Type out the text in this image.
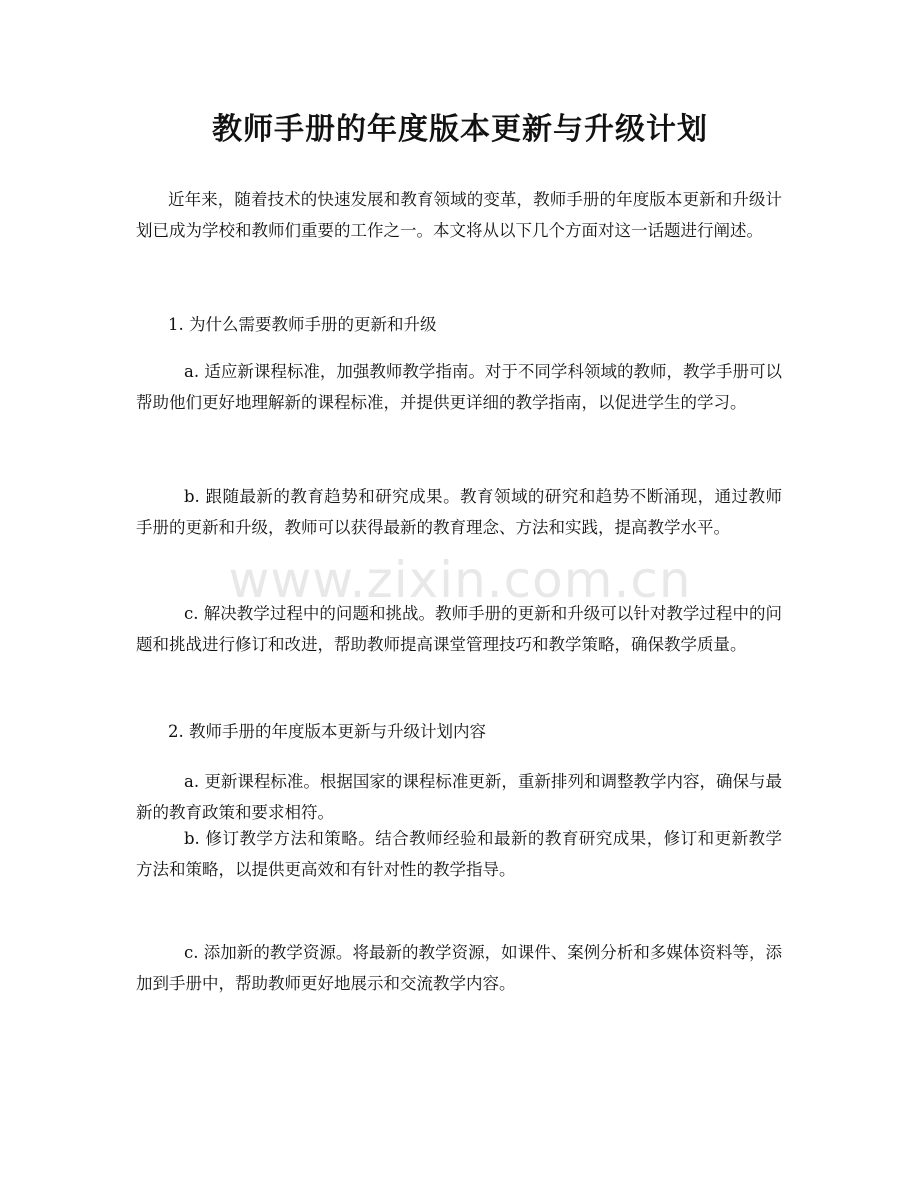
教师手册的年度版本更新与升级计划

近年来，随着技术的快速发展和教育领域的变革，教师手册的年度版本更新和升级计划已成为学校和教师们重要的工作之一。本文将从以下几个方面对这一话题进行阐述。

1. 为什么需要教师手册的更新和升级

a. 适应新课程标准，加强教师教学指南。对于不同学科领域的教师，教学手册可以帮助他们更好地理解新的课程标准，并提供更详细的教学指南，以促进学生的学习。

b. 跟随最新的教育趋势和研究成果。教育领域的研究和趋势不断涌现，通过教师手册的更新和升级，教师可以获得最新的教育理念、方法和实践，提高教学水平。

c. 解决教学过程中的问题和挑战。教师手册的更新和升级可以针对教学过程中的问题和挑战进行修订和改进，帮助教师提高课堂管理技巧和教学策略，确保教学质量。

2. 教师手册的年度版本更新与升级计划内容

a. 更新课程标准。根据国家的课程标准更新，重新排列和调整教学内容，确保与最新的教育政策和要求相符。

b. 修订教学方法和策略。结合教师经验和最新的教育研究成果，修订和更新教学方法和策略，以提供更高效和有针对性的教学指导。

c. 添加新的教学资源。将最新的教学资源，如课件、案例分析和多媒体资料等，添加到手册中，帮助教师更好地展示和交流教学内容。

www.zixin.com.cn
